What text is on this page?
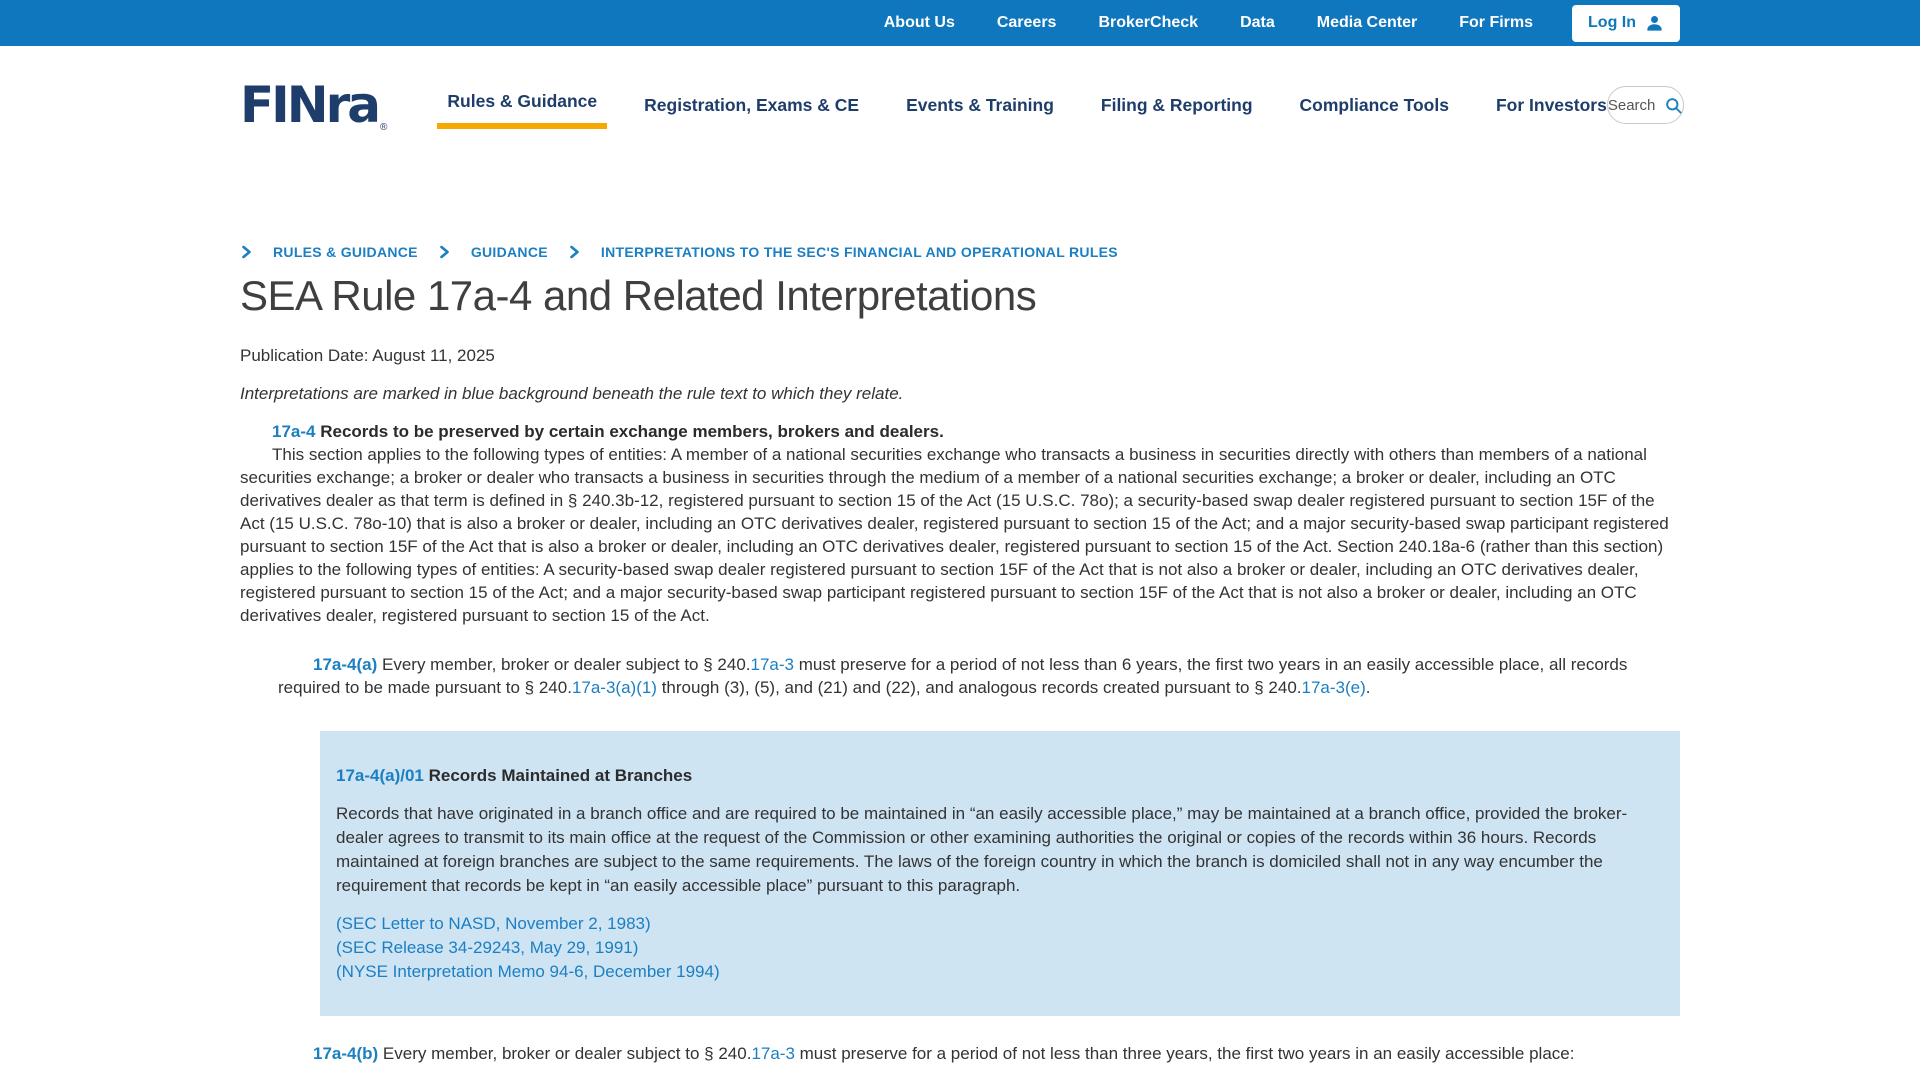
About Us	Careers	BrokerCheck	Data	Media Center	For Firms	Log In
FINra $_®$
Rules & Guidance	Registration, Exams & CE	Events & Training	Filing & Reporting	Compliance Tools	For Investors Search
RULES & GUIDANCE	GUIDANCE	INTERPRETATIONS TO THE SEC'S FINANCIAL AND OPERATIONAL RULES
SEA Rule 17a-4 and Related Interpretations

Publication Date: August 11, 2025

Interpretations are marked in blue background beneath the rule text to which they relate.

17a-4 Records to be preserved by certain exchange members, brokers and dealers.

This section applies to the following types of entities: A member of a national securities exchange who transacts a business in securities directly with others than members of a national securities exchange; a broker or dealer who transacts a business in securities through the medium of a member of a national securities exchange; a broker or dealer, including an OTC derivatives dealer as that term is defined in § 240.3b-12, registered pursuant to section 15 of the Act (15 U.S.C. 78o); a security-based swap dealer registered pursuant to section 15F of the Act (15 U.S.C. 78o-10) that is also a broker or dealer, including an OTC derivatives dealer, registered pursuant to section 15 of the Act; and a major security-based swap participant registered pursuant to section 15F of the Act that is also a broker or dealer, including an OTC derivatives dealer, registered pursuant to section 15 of the Act. Section 240.18a-6 (rather than this section) applies to the following types of entities: A security-based swap dealer registered pursuant to section 15F of the Act that is not also a broker or dealer, including an OTC derivatives dealer, registered pursuant to section 15 of the Act; and a major security-based swap participant registered pursuant to section 15F of the Act that is not also a broker or dealer, including an OTC derivatives dealer, registered pursuant to section 15 of the Act.

17a-4(a) Every member, broker or dealer subject to § 240.17a-3 must preserve for a period of not less than 6 years, the first two years in an easily accessible place, all records required to be made pursuant to § 240.17a-3(a)(1) through (3), (5), and (21) and (22), and analogous records created pursuant to § 240.17a-3(e).

17a-4(a)/01 Records Maintained at Branches

Records that have originated in a branch office and are required to be maintained in “an easily accessible place,” may be maintained at a branch office, provided the broker-dealer agrees to transmit to its main office at the request of the Commission or other examining authorities the original or copies of the records within 36 hours. Records maintained at foreign branches are subject to the same requirements. The laws of the foreign country in which the branch is domiciled shall not in any way encumber the requirement that records be kept in “an easily accessible place” pursuant to this paragraph.

(SEC Letter to NASD, November 2, 1983)
(SEC Release 34-29243, May 29, 1991)
(NYSE Interpretation Memo 94-6, December 1994)

17a-4(b) Every member, broker or dealer subject to § 240.17a-3 must preserve for a period of not less than three years, the first two years in an easily accessible place:
